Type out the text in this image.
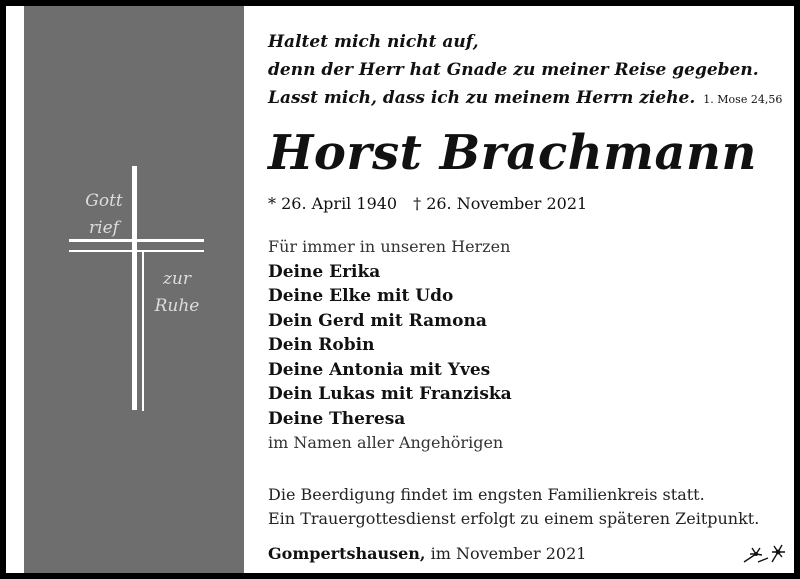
Gott
rief
zur
Ruhe
Haltet mich nicht auf,
denn der Herr hat Gnade zu meiner Reise gegeben.
Lasst mich, dass ich zu meinem Herrn ziehe. 1. Mose 24,56
Horst Brachmann
* 26. April 1940 † 26. November 2021
Für immer in unseren Herzen
Deine Erika
Deine Elke mit Udo
Dein Gerd mit Ramona
Dein Robin
Deine Antonia mit Yves
Dein Lukas mit Franziska
Deine Theresa
im Namen aller Angehörigen
Die Beerdigung findet im engsten Familienkreis statt.
Ein Trauergottesdienst erfolgt zu einem späteren Zeitpunkt.
Gompertshausen, im November 2021
